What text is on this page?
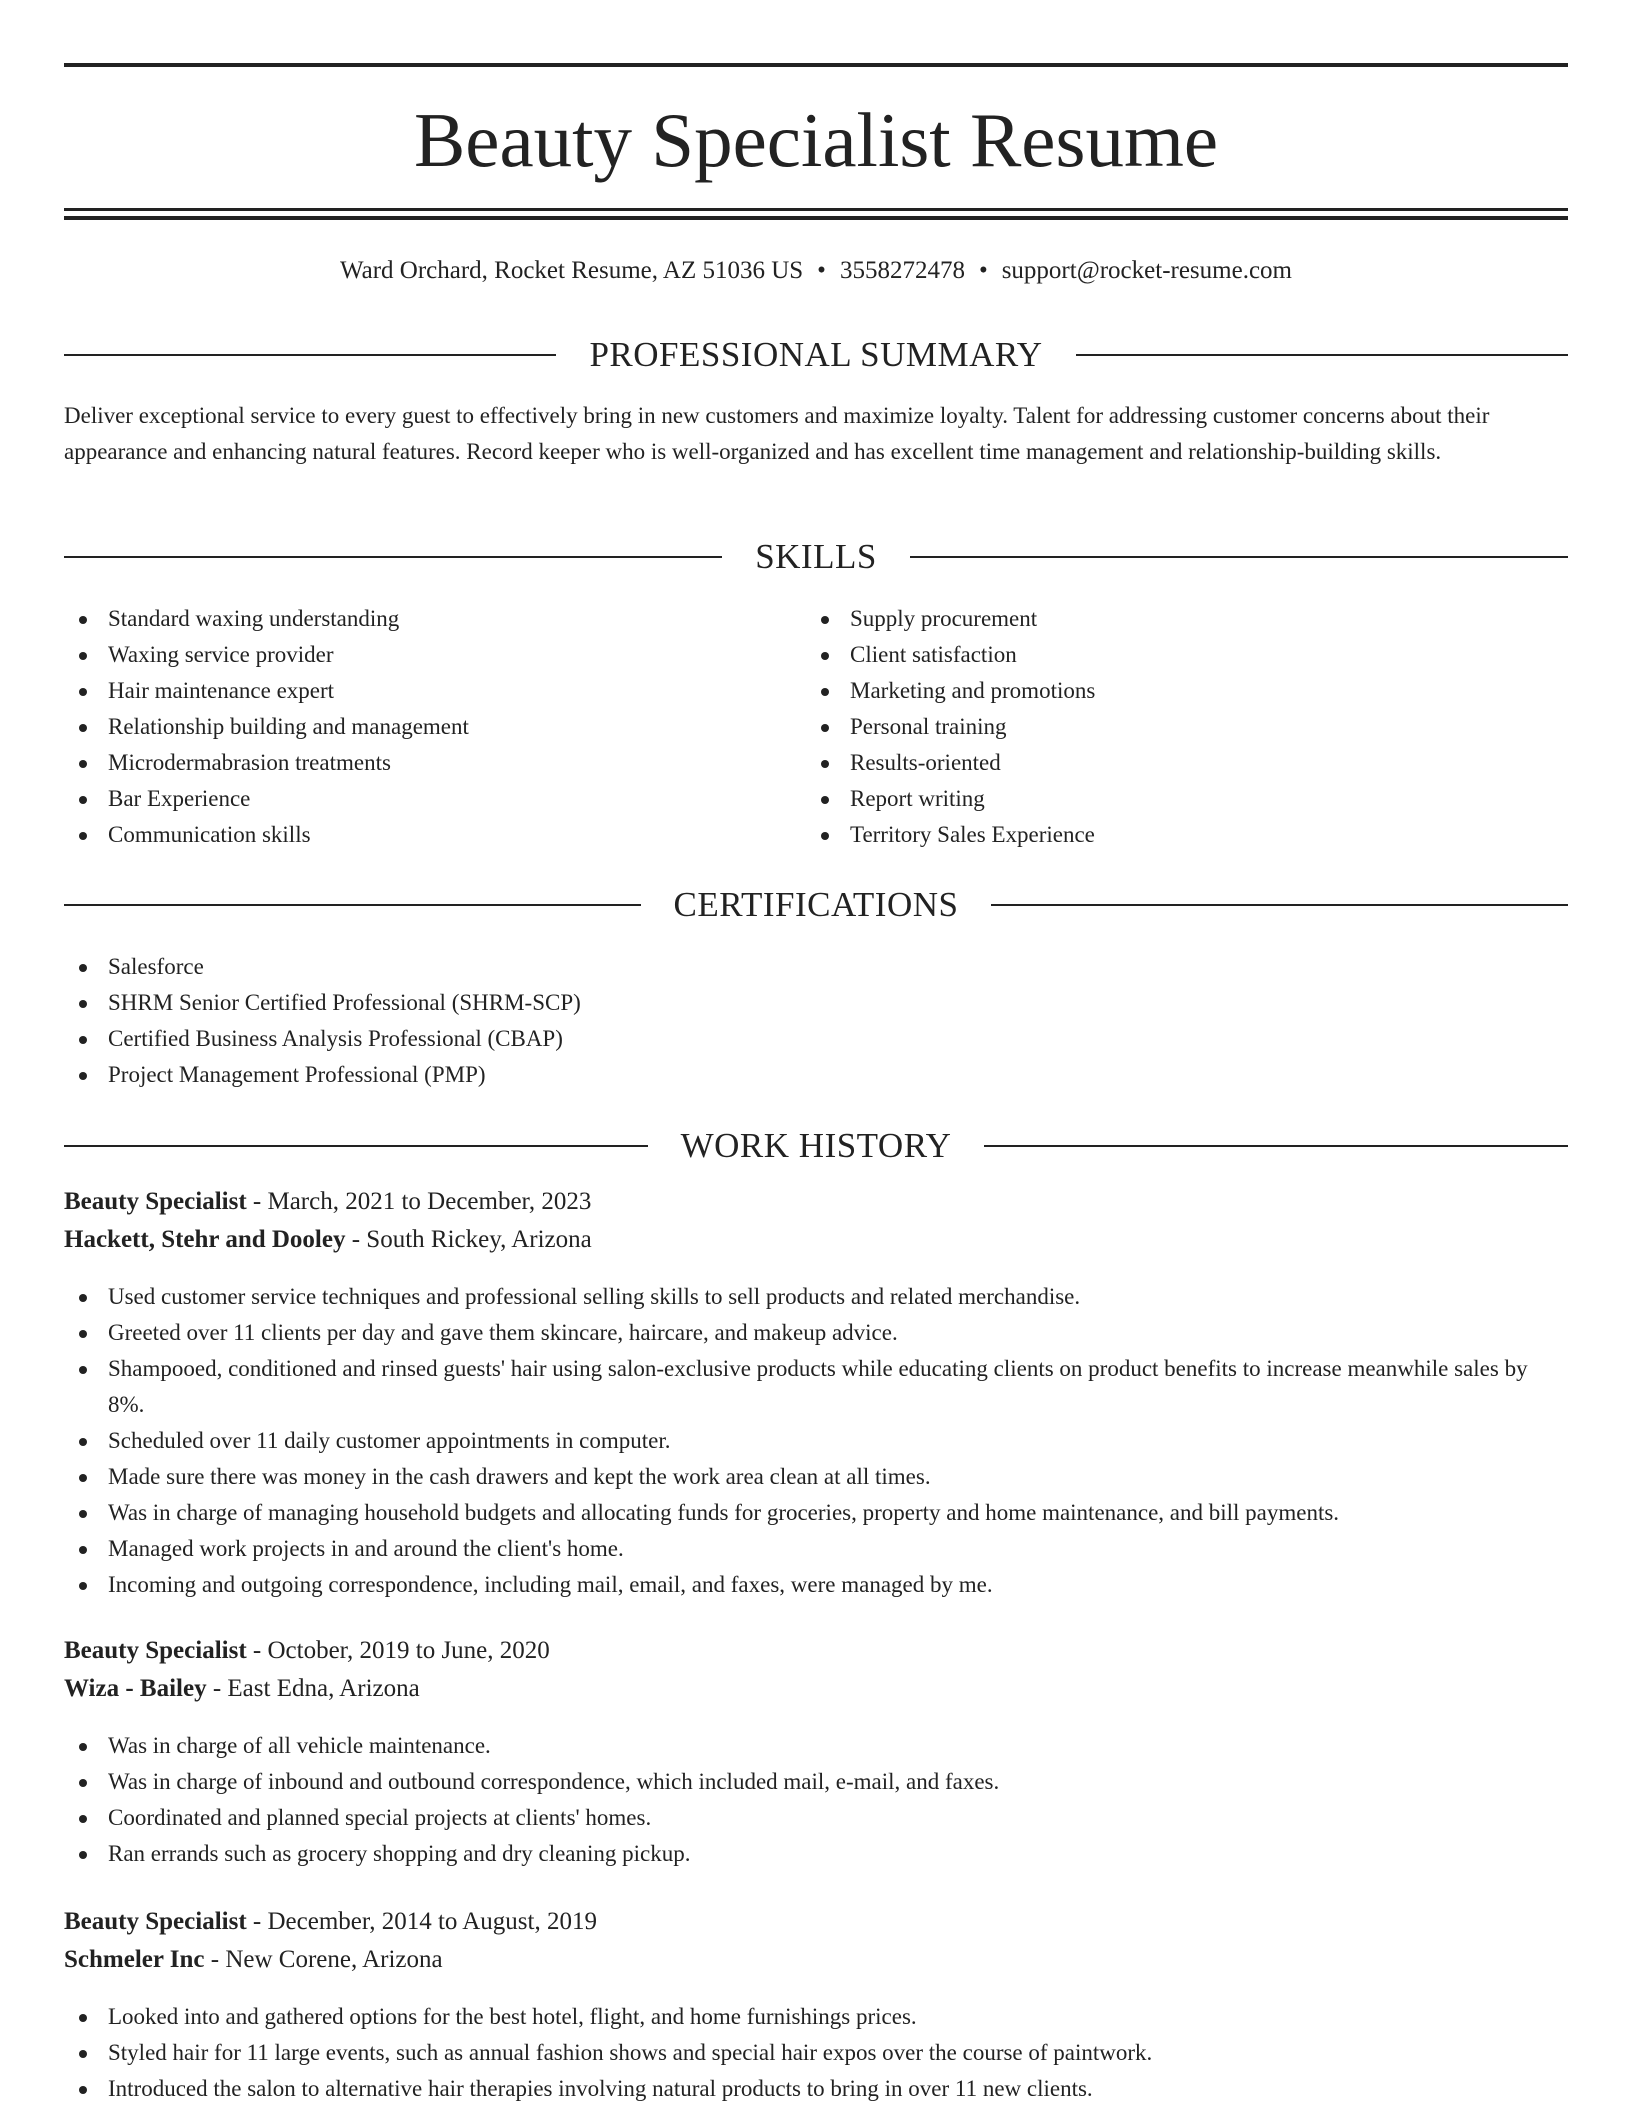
Beauty Specialist Resume
Ward Orchard, Rocket Resume, AZ 51036 US • 3558272478 • support@rocket-resume.com
PROFESSIONAL SUMMARY

Deliver exceptional service to every guest to effectively bring in new customers and maximize loyalty. Talent for addressing customer concerns about their appearance and enhancing natural features. Record keeper who is well-organized and has excellent time management and relationship-building skills.

SKILLS
Standard waxing understanding
Waxing service provider
Hair maintenance expert
Relationship building and management
Microdermabrasion treatments
Bar Experience
Communication skills
Supply procurement
Client satisfaction
Marketing and promotions
Personal training
Results-oriented
Report writing
Territory Sales Experience
CERTIFICATIONS
Salesforce
SHRM Senior Certified Professional (SHRM-SCP)
Certified Business Analysis Professional (CBAP)
Project Management Professional (PMP)
WORK HISTORY
Beauty Specialist - March, 2021 to December, 2023
Hackett, Stehr and Dooley - South Rickey, Arizona
Used customer service techniques and professional selling skills to sell products and related merchandise.
Greeted over 11 clients per day and gave them skincare, haircare, and makeup advice.
Shampooed, conditioned and rinsed guests' hair using salon-exclusive products while educating clients on product benefits to increase meanwhile sales by 8%.
Scheduled over 11 daily customer appointments in computer.
Made sure there was money in the cash drawers and kept the work area clean at all times.
Was in charge of managing household budgets and allocating funds for groceries, property and home maintenance, and bill payments.
Managed work projects in and around the client's home.
Incoming and outgoing correspondence, including mail, email, and faxes, were managed by me.
Beauty Specialist - October, 2019 to June, 2020
Wiza - Bailey - East Edna, Arizona
Was in charge of all vehicle maintenance.
Was in charge of inbound and outbound correspondence, which included mail, e-mail, and faxes.
Coordinated and planned special projects at clients' homes.
Ran errands such as grocery shopping and dry cleaning pickup.
Beauty Specialist - December, 2014 to August, 2019
Schmeler Inc - New Corene, Arizona
Looked into and gathered options for the best hotel, flight, and home furnishings prices.
Styled hair for 11 large events, such as annual fashion shows and special hair expos over the course of paintwork.
Introduced the salon to alternative hair therapies involving natural products to bring in over 11 new clients.
